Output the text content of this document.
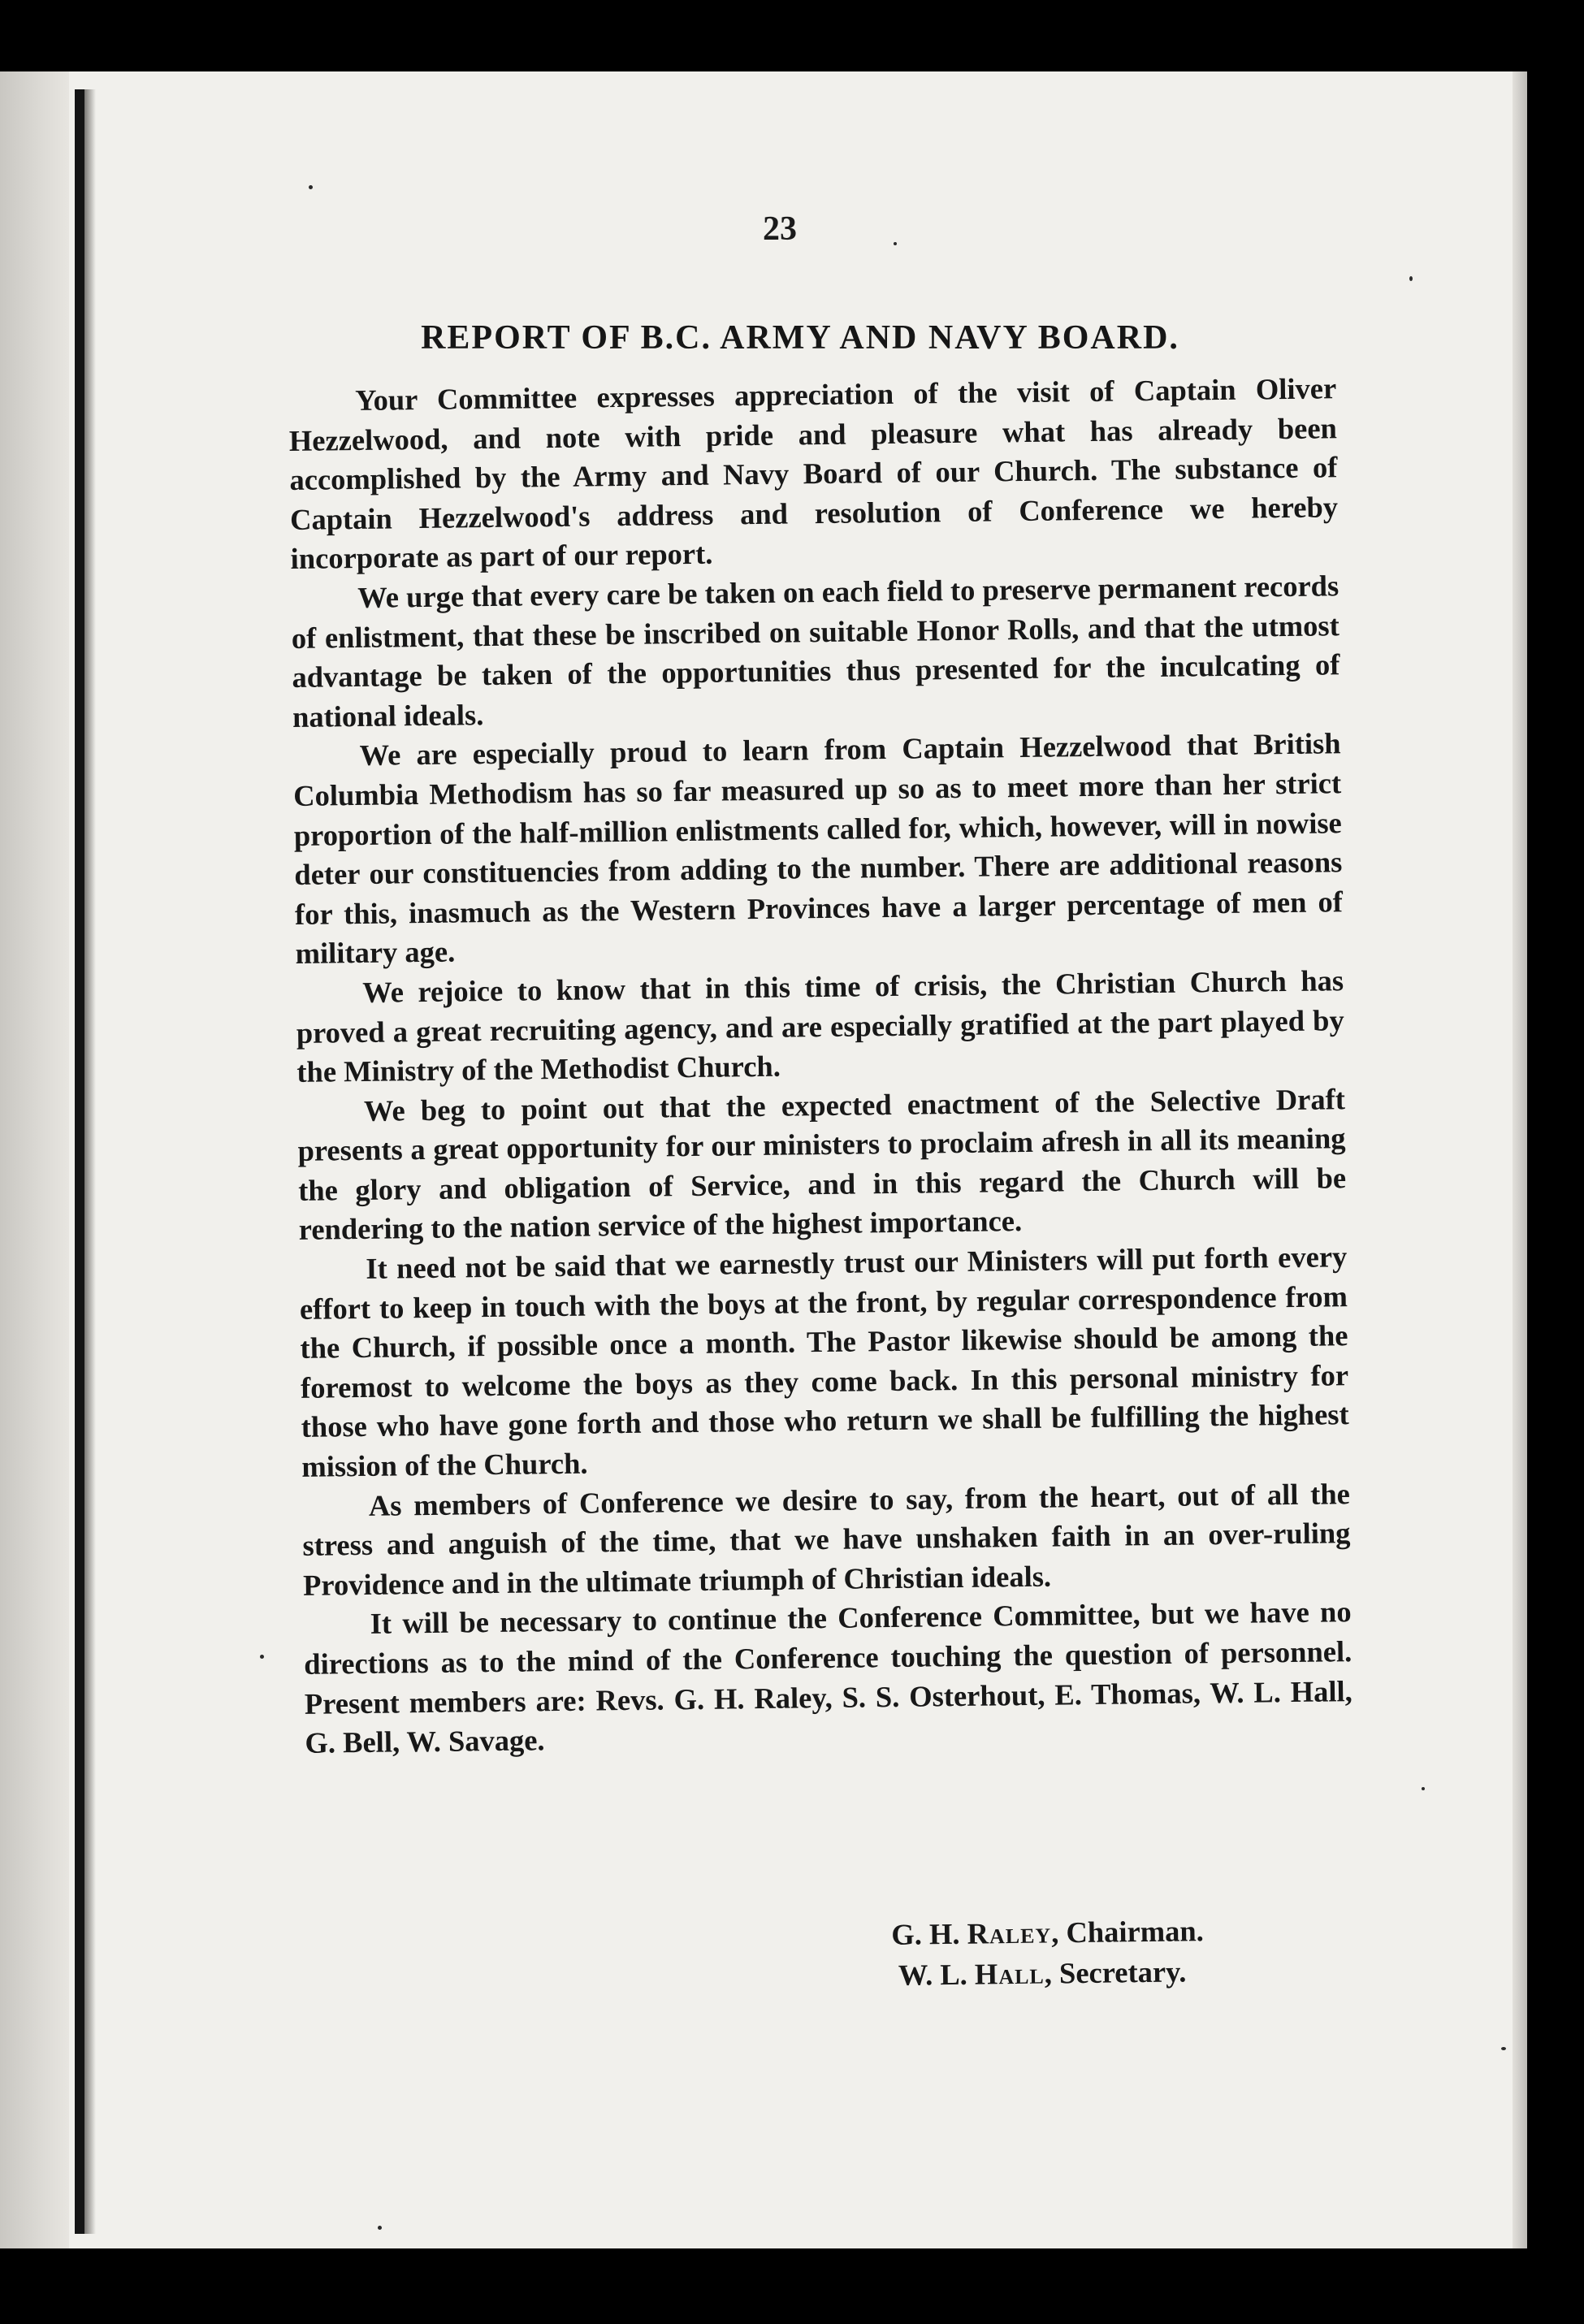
23
REPORT OF B.C. ARMY AND NAVY BOARD.

Your Committee expresses appreciation of the visit of Captain Oliver Hezzelwood, and note with pride and pleasure what has already been accomplished by the Army and Navy Board of our Church. The substance of Captain Hezzelwood's address and resolution of Conference we hereby incorporate as part of our report.

We urge that every care be taken on each field to preserve permanent records of enlistment, that these be inscribed on suitable Honor Rolls, and that the utmost advantage be taken of the opportunities thus presented for the inculcating of national ideals.

We are especially proud to learn from Captain Hezzelwood that British Columbia Methodism has so far measured up so as to meet more than her strict proportion of the half-million enlistments called for, which, however, will in nowise deter our constituencies from adding to the number. There are additional reasons for this, inasmuch as the Western Provinces have a larger percentage of men of military age.

We rejoice to know that in this time of crisis, the Christian Church has proved a great recruiting agency, and are especially gratified at the part played by the Ministry of the Methodist Church.

We beg to point out that the expected enactment of the Selective Draft presents a great opportunity for our ministers to proclaim afresh in all its meaning the glory and obligation of Service, and in this regard the Church will be rendering to the nation service of the highest importance.

It need not be said that we earnestly trust our Ministers will put forth every effort to keep in touch with the boys at the front, by regular correspondence from the Church, if possible once a month. The Pastor likewise should be among the foremost to welcome the boys as they come back. In this personal ministry for those who have gone forth and those who return we shall be fulfilling the highest mission of the Church.

As members of Conference we desire to say, from the heart, out of all the stress and anguish of the time, that we have unshaken faith in an over-ruling Providence and in the ultimate triumph of Christian ideals.

It will be necessary to continue the Conference Committee, but we have no directions as to the mind of the Conference touching the question of personnel. Present members are: Revs. G. H. Raley, S. S. Osterhout, E. Thomas, W. L. Hall, G. Bell, W. Savage.

G. H. Raley, Chairman.
W. L. Hall, Secretary.
